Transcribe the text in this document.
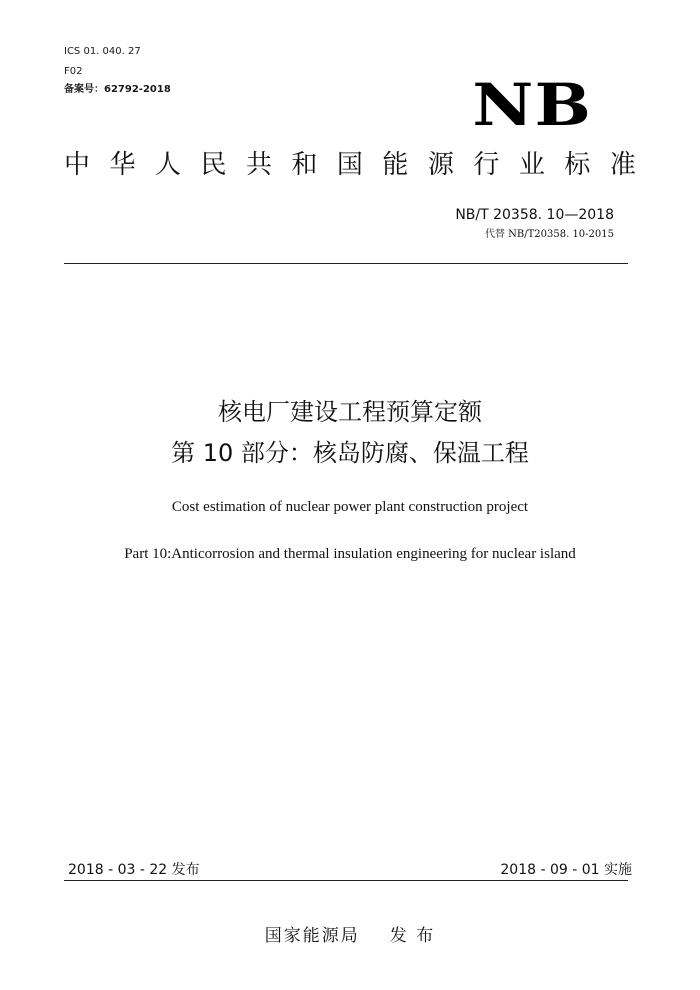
ICS 01. 040. 27
F02
备案号：62792-2018	NB
中 华 人 民 共 和 国 能 源 行 业 标 准
NB/T 20358. 10—2018
代替 NB/T20358. 10-2015
核电厂建设工程预算定额
第 10 部分：核岛防腐、保温工程
Cost estimation of nuclear power plant construction project
Part 10:Anticorrosion and thermal insulation engineering for nuclear island
2018 - 03 - 22 发布	2018 - 09 - 01 实施
国家能源局 发 布
